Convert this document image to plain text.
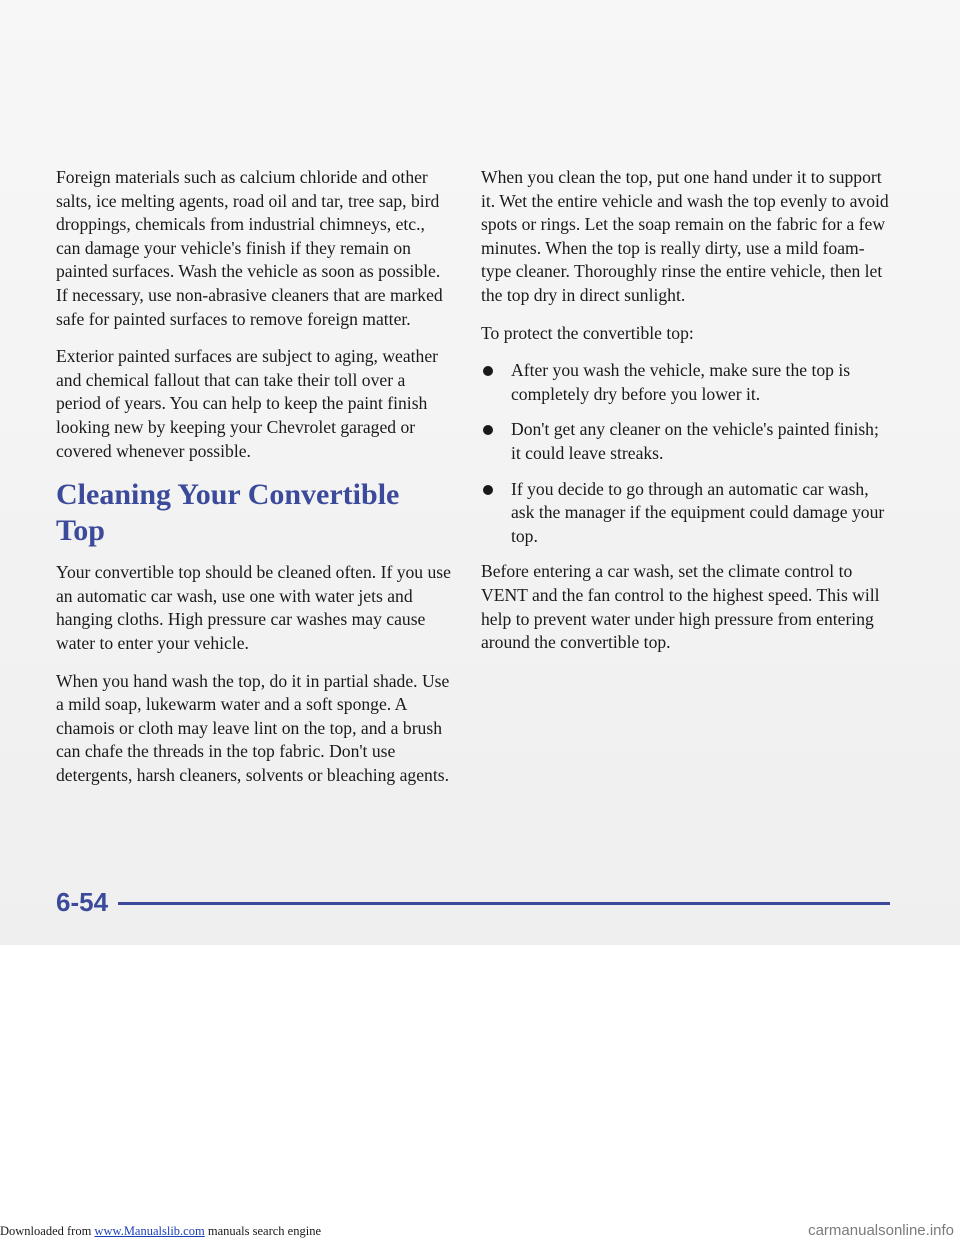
Foreign materials such as calcium chloride and other salts, ice melting agents, road oil and tar, tree sap, bird droppings, chemicals from industrial chimneys, etc., can damage your vehicle's finish if they remain on painted surfaces. Wash the vehicle as soon as possible. If necessary, use non-abrasive cleaners that are marked safe for painted surfaces to remove foreign matter.

Exterior painted surfaces are subject to aging, weather and chemical fallout that can take their toll over a period of years. You can help to keep the paint finish looking new by keeping your Chevrolet garaged or covered whenever possible.

Cleaning Your Convertible Top

Your convertible top should be cleaned often. If you use an automatic car wash, use one with water jets and hanging cloths. High pressure car washes may cause water to enter your vehicle.

When you hand wash the top, do it in partial shade. Use a mild soap, lukewarm water and a soft sponge. A chamois or cloth may leave lint on the top, and a brush can chafe the threads in the top fabric. Don't use detergents, harsh cleaners, solvents or bleaching agents.

When you clean the top, put one hand under it to support it. Wet the entire vehicle and wash the top evenly to avoid spots or rings. Let the soap remain on the fabric for a few minutes. When the top is really dirty, use a mild foam-type cleaner. Thoroughly rinse the entire vehicle, then let the top dry in direct sunlight.

To protect the convertible top:

After you wash the vehicle, make sure the top is completely dry before you lower it.
Don't get any cleaner on the vehicle's painted finish; it could leave streaks.
If you decide to go through an automatic car wash, ask the manager if the equipment could damage your top.

Before entering a car wash, set the climate control to VENT and the fan control to the highest speed. This will help to prevent water under high pressure from entering around the convertible top.

6-54
Downloaded from www.Manualslib.com manuals search engine	carmanualsonline.info
